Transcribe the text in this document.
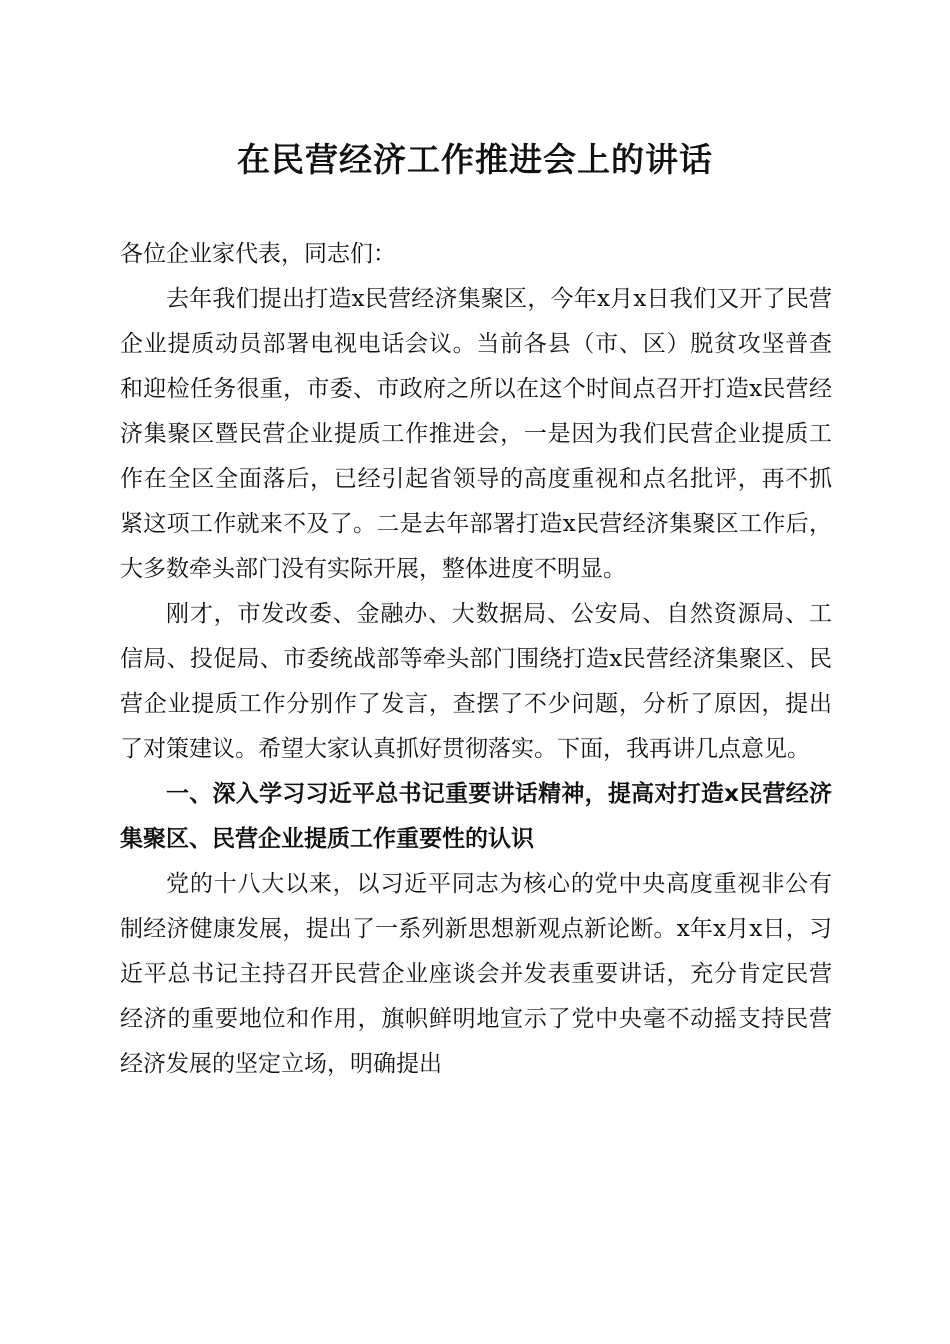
在民营经济工作推进会上的讲话

各位企业家代表，同志们：

去年我们提出打造x民营经济集聚区，今年x月x日我们又开了民营企业提质动员部署电视电话会议。当前各县（市、区）脱贫攻坚普查和迎检任务很重，市委、市政府之所以在这个时间点召开打造x民营经济集聚区暨民营企业提质工作推进会，一是因为我们民营企业提质工作在全区全面落后，已经引起省领导的高度重视和点名批评，再不抓紧这项工作就来不及了。二是去年部署打造x民营经济集聚区工作后，大多数牵头部门没有实际开展，整体进度不明显。

刚才，市发改委、金融办、大数据局、公安局、自然资源局、工信局、投促局、市委统战部等牵头部门围绕打造x民营经济集聚区、民营企业提质工作分别作了发言，查摆了不少问题，分析了原因，提出了对策建议。希望大家认真抓好贯彻落实。下面，我再讲几点意见。

一、深入学习习近平总书记重要讲话精神，提高对打造x民营经济集聚区、民营企业提质工作重要性的认识

党的十八大以来，以习近平同志为核心的党中央高度重视非公有制经济健康发展，提出了一系列新思想新观点新论断。x年x月x日，习近平总书记主持召开民营企业座谈会并发表重要讲话，充分肯定民营经济的重要地位和作用，旗帜鲜明地宣示了党中央毫不动摇支持民营经济发展的坚定立场，明确提出
